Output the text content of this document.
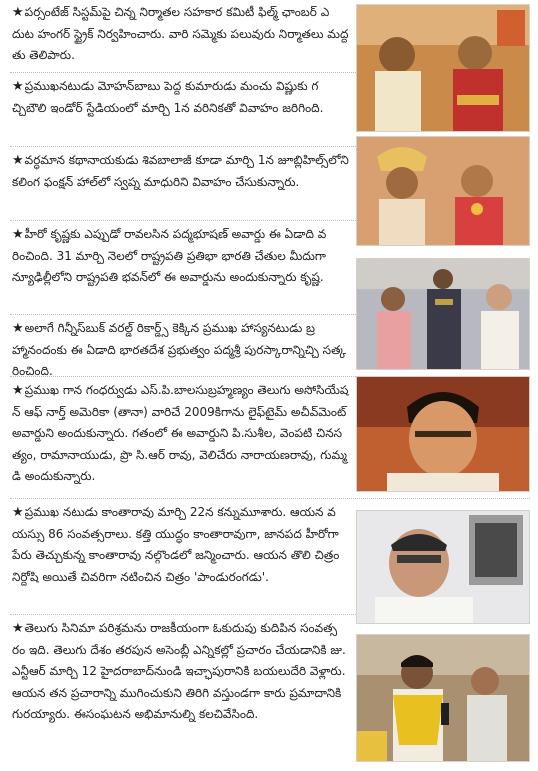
★పర్సంటేజ్ సిస్టమ్‌పై చిన్న నిర్మాతల సహకార కమిటీ ఫిల్మ్ ఛాంబర్ ఎదుట హంగర్ స్ట్రైక్ నిర్వహించారు. వారి సమ్మెకు పలువురు నిర్మాతలు మద్దతు తెలిపారు.
★ప్రముఖనటుడు మోహన్‌బాబు పెద్ద కుమారుడు మంచు విష్ణుకు గచ్చిబౌలి ఇండోర్ స్టేడియంలో మార్చి 1న వరినికతో వివాహం జరిగింది.
★వర్ధమాన కథానాయకుడు శివబాలాజీ కూడా మార్చి 1న జూబ్లిహిల్స్‌లోని కలింగ ఫంక్షన్ హాల్‌లో స్వప్న మాధురిని వివాహం చేసుకున్నారు.
★హీరో కృష్ణకు ఎప్పుడో రావలసిన పద్మభూషణ్ అవార్డు ఈ ఏడాది వరించింది. 31 మార్చి నెలలో రాష్ట్రపతి ప్రతిభా భారతి చేతుల మీదుగా న్యూఢిల్లీలోని రాష్ట్రపతి భవన్‌లో ఈ అవార్డును అందుకున్నారు కృష్ణ.
★అలాగే గిన్నీస్‌బుక్ వరల్డ్ రికార్డ్స్ కెక్కిన ప్రముఖ హాస్యనటుడు బ్రహ్మానందంకు ఈ ఏడాది భారతదేశ ప్రభుత్వం పద్మశ్రీ పురస్కారాన్నిచ్చి సత్కరించింది.
★ప్రముఖ గాన గంధర్వుడు ఎస్.పి.బాలసుబ్రహ్మణ్యం తెలుగు అసోసియేషన్ ఆఫ్ నార్త్ అమెరికా (తానా) వారిచే 2009కిగాను లైఫ్‌టైమ్ అచీవ్‌మెంట్ అవార్డుని అందుకున్నారు. గతంలో ఈ అవార్డుని పి.సుశీల, వెంపటి చినసత్యం, రామానాయుడు, ప్రొ సి.ఆర్ రావు, వెలిచేరు నారాయణరావు, గుమ్మడి అందుకున్నారు.
★ప్రముఖ నటుడు కాంతారావు మార్చి 22న కన్నుమూశారు. ఆయన వయస్సు 86 సంవత్సరాలు. కత్తి యుద్ధం కాంతారావుగా, జానపద హీరోగా పేరు తెచ్చుకున్న కాంతారావు నల్గొండలో జన్మించారు. ఆయన తొలి చిత్రం నిర్దోషి అయితే చివరిగా నటించిన చిత్రం 'పాండురంగడు'.
★తెలుగు సినిమా పరిశ్రమను రాజకీయంగా ఓకుదుపు కుదిపిన సంవత్సరం ఇది. తెలుగు దేశం తరపున అసెంబ్లీ ఎన్నికల్లో ప్రచారం చేయడానికి జు.ఎన్టీఆర్ మార్చి 12 హైదరాబాద్‌నుండి ఇచ్ఛాపురానికి బయలుదేరి వెళ్లారు. ఆయన తన ప్రచారాన్ని ముగించుకుని తిరిగి వస్తుండగా కారు ప్రమాదానికి గురయ్యారు. ఈసంఘటన అభిమానుల్ని కలచివేసింది.
